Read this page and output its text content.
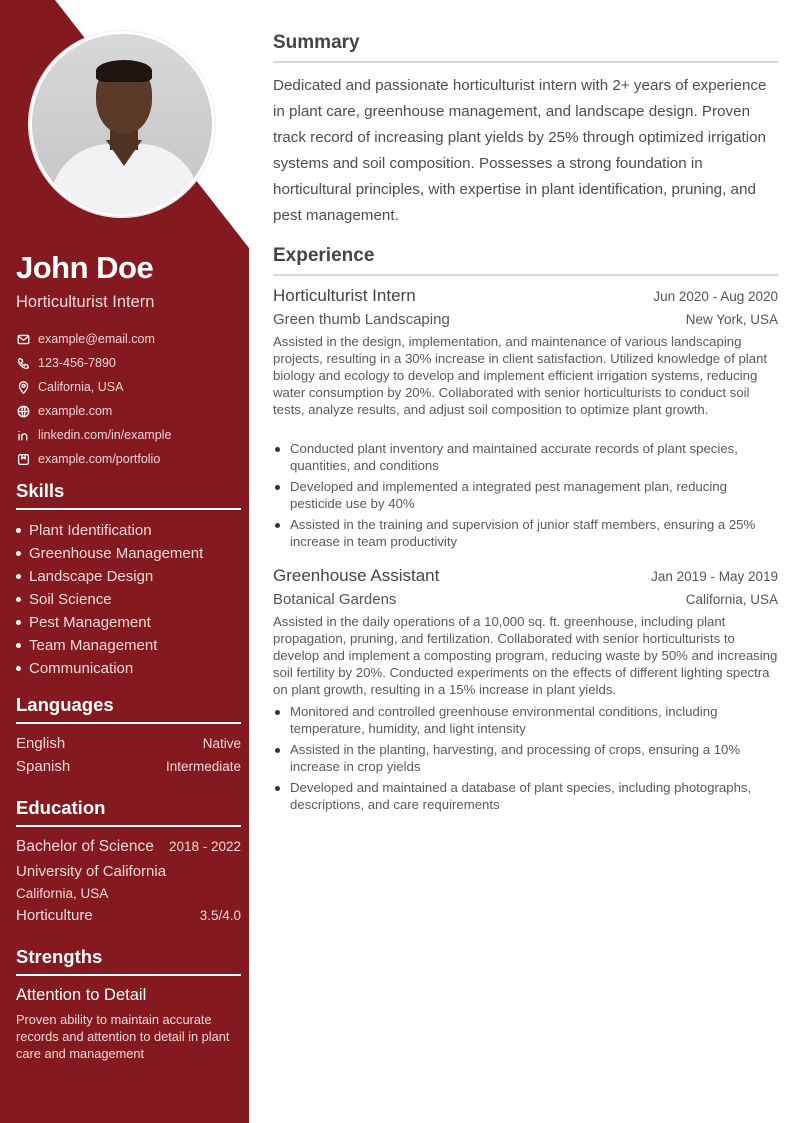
John Doe

Horticulturist Intern

example@email.com
123-456-7890
California, USA
example.com
linkedin.com/in/example
example.com/portfolio
Skills
Plant Identification
Greenhouse Management
Landscape Design
Soil Science
Pest Management
Team Management
Communication
Languages
English	Native
Spanish	Intermediate
Education
Bachelor of Science 2018 - 2022
University of California
California, USA
Horticulture	3.5/4.0
Strengths
Attention to Detail
Proven ability to maintain accurate records and attention to detail in plant care and management
Summary

Dedicated and passionate horticulturist intern with 2+ years of experience in plant care, greenhouse management, and landscape design. Proven track record of increasing plant yields by 25% through optimized irrigation systems and soil composition. Possesses a strong foundation in horticultural principles, with expertise in plant identification, pruning, and pest management.

Experience
Horticulturist Intern	Jun 2020 - Aug 2020
Green thumb Landscaping	New York, USA

Assisted in the design, implementation, and maintenance of various landscaping projects, resulting in a 30% increase in client satisfaction. Utilized knowledge of plant biology and ecology to develop and implement efficient irrigation systems, reducing water consumption by 20%. Collaborated with senior horticulturists to conduct soil tests, analyze results, and adjust soil composition to optimize plant growth.

Conducted plant inventory and maintained accurate records of plant species, quantities, and conditions
Developed and implemented a integrated pest management plan, reducing pesticide use by 40%
Assisted in the training and supervision of junior staff members, ensuring a 25% increase in team productivity
Greenhouse Assistant	Jan 2019 - May 2019
Botanical Gardens	California, USA

Assisted in the daily operations of a 10,000 sq. ft. greenhouse, including plant propagation, pruning, and fertilization. Collaborated with senior horticulturists to develop and implement a composting program, reducing waste by 50% and increasing soil fertility by 20%. Conducted experiments on the effects of different lighting spectra on plant growth, resulting in a 15% increase in plant yields.

Monitored and controlled greenhouse environmental conditions, including temperature, humidity, and light intensity
Assisted in the planting, harvesting, and processing of crops, ensuring a 10% increase in crop yields
Developed and maintained a database of plant species, including photographs, descriptions, and care requirements
